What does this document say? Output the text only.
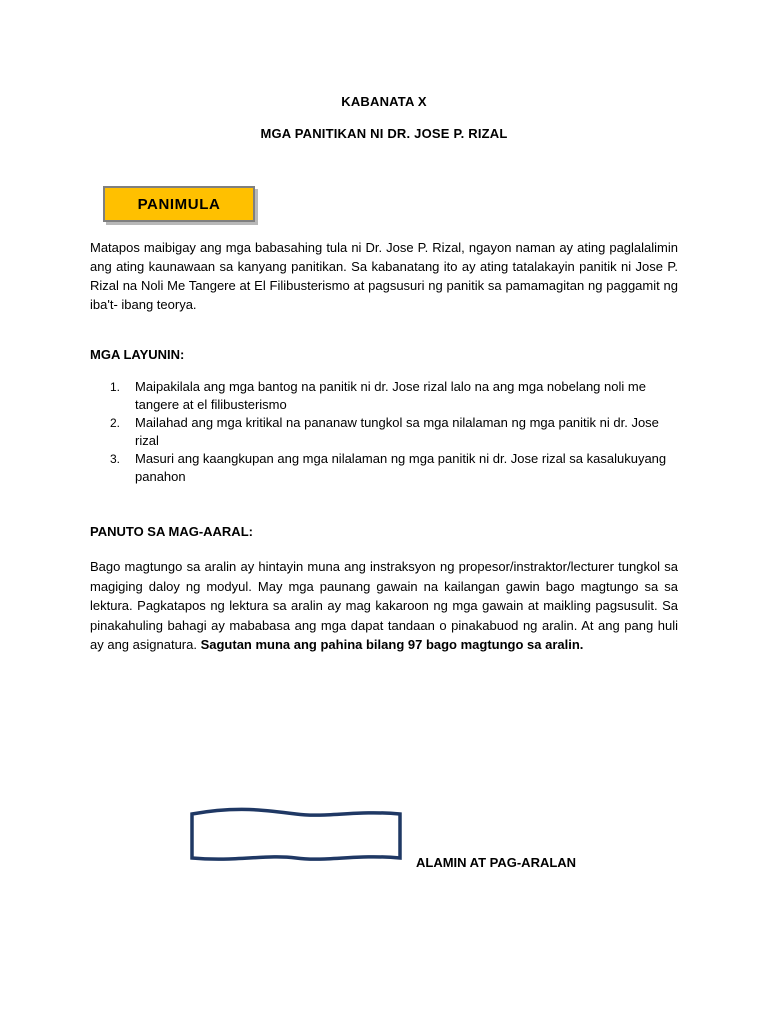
KABANATA X
MGA PANITIKAN NI DR. JOSE P. RIZAL
PANIMULA

Matapos maibigay ang mga babasahing tula ni Dr. Jose P. Rizal, ngayon naman ay ating paglalalimin ang ating kaunawaan sa kanyang panitikan. Sa kabanatang ito ay ating tatalakayin panitik ni Jose P. Rizal na Noli Me Tangere at El Filibusterismo at pagsusuri ng panitik sa pamamagitan ng paggamit ng iba't- ibang teorya.

MGA LAYUNIN:
1. Maipakilala ang mga bantog na panitik ni dr. Jose rizal lalo na ang mga nobelang noli me tangere at el filibusterismo
2. Mailahad ang mga kritikal na pananaw tungkol sa mga nilalaman ng mga panitik ni dr. Jose rizal
3. Masuri ang kaangkupan ang mga nilalaman ng mga panitik ni dr. Jose rizal sa kasalukuyang panahon
PANUTO SA MAG-AARAL:

Bago magtungo sa aralin ay hintayin muna ang instraksyon ng propesor/instraktor/lecturer tungkol sa magiging daloy ng modyul. May mga paunang gawain na kailangan gawin bago magtungo sa sa lektura. Pagkatapos ng lektura sa aralin ay mag kakaroon ng mga gawain at maikling pagsusulit. Sa pinakahuling bahagi ay mababasa ang mga dapat tandaan o pinakabuod ng aralin. At ang pang huli ay ang asignatura. Sagutan muna ang pahina bilang 97 bago magtungo sa aralin.

ALAMIN AT PAG-ARALAN
